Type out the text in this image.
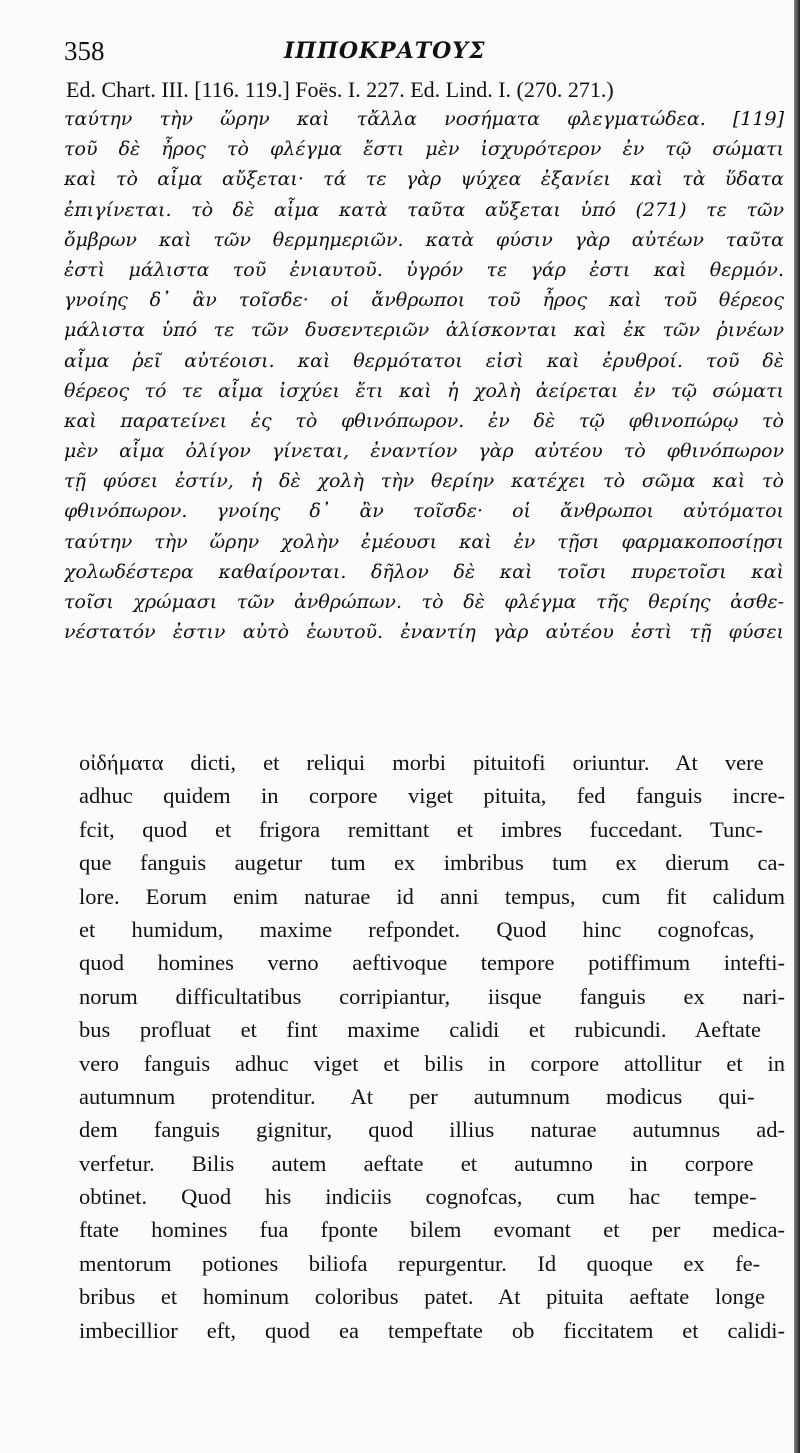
358	ΙΠΠΟΚΡΑΤΟΥΣ
Ed. Chart. III. [116. 119.] Foës. I. 227. Ed. Lind. I. (270. 271.)
ταύτην τὴν ὥρην καὶ τἄλλα νοσήματα φλεγματώδεα. [119]
τοῦ δὲ ἦρος τὸ φλέγμα ἔστι μὲν ἰσχυρότερον ἐν τῷ σώματι
καὶ τὸ αἷμα αὔξεται· τά τε γὰρ ψύχεα ἐξανίει καὶ τὰ ὕδατα
ἐπιγίνεται. τὸ δὲ αἷμα κατὰ ταῦτα αὔξεται ὑπό (271) τε τῶν
ὄμβρων καὶ τῶν θερμημεριῶν. κατὰ φύσιν γὰρ αὐτέων ταῦτα
ἐστὶ μάλιστα τοῦ ἐνιαυτοῦ. ὑγρόν τε γάρ ἐστι καὶ θερμόν.
γνοίης δ᾽ ἂν τοῖσδε· οἱ ἄνθρωποι τοῦ ἦρος καὶ τοῦ θέρεος
μάλιστα ὑπό τε τῶν δυσεντεριῶν ἁλίσκονται καὶ ἐκ τῶν ῥινέων
αἷμα ῥεῖ αὐτέοισι. καὶ θερμότατοι εἰσὶ καὶ ἐρυθροί. τοῦ δὲ
θέρεος τό τε αἷμα ἰσχύει ἔτι καὶ ἡ χολὴ ἀείρεται ἐν τῷ σώματι
καὶ παρατείνει ἐς τὸ φθινόπωρον. ἐν δὲ τῷ φθινοπώρῳ τὸ
μὲν αἷμα ὀλίγον γίνεται, ἐναντίον γὰρ αὐτέου τὸ φθινόπωρον
τῇ φύσει ἐστίν, ἡ δὲ χολὴ τὴν θερίην κατέχει τὸ σῶμα καὶ τὸ
φθινόπωρον. γνοίης δ᾽ ἂν τοῖσδε· οἱ ἄνθρωποι αὐτόματοι
ταύτην τὴν ὥρην χολὴν ἐμέουσι καὶ ἐν τῇσι φαρμακοποσίῃσι
χολωδέστερα καθαίρονται. δῆλον δὲ καὶ τοῖσι πυρετοῖσι καὶ
τοῖσι χρώμασι τῶν ἀνθρώπων. τὸ δὲ φλέγμα τῆς θερίης ἀσθε-
νέστατόν ἐστιν αὐτὸ ἑωυτοῦ. ἐναντίη γὰρ αὐτέου ἐστὶ τῇ φύσει
οἰδήματα dicti, et reliqui morbi pituitofi oriuntur. At vere
adhuc quidem in corpore viget pituita, fed fanguis incre-
fcit, quod et frigora remittant et imbres fuccedant. Tunc-
que fanguis augetur tum ex imbribus tum ex dierum ca-
lore. Eorum enim naturae id anni tempus, cum fit calidum
et humidum, maxime refpondet. Quod hinc cognofcas,
quod homines verno aeftivoque tempore potiffimum intefti-
norum difficultatibus corripiantur, iisque fanguis ex nari-
bus profluat et fint maxime calidi et rubicundi. Aeftate
vero fanguis adhuc viget et bilis in corpore attollitur et in
autumnum protenditur. At per autumnum modicus qui-
dem fanguis gignitur, quod illius naturae autumnus ad-
verfetur. Bilis autem aeftate et autumno in corpore
obtinet. Quod his indiciis cognofcas, cum hac tempe-
ftate homines fua fponte bilem evomant et per medica-
mentorum potiones biliofa repurgentur. Id quoque ex fe-
bribus et hominum coloribus patet. At pituita aeftate longe
imbecillior eft, quod ea tempeftate ob ficcitatem et calidi-
